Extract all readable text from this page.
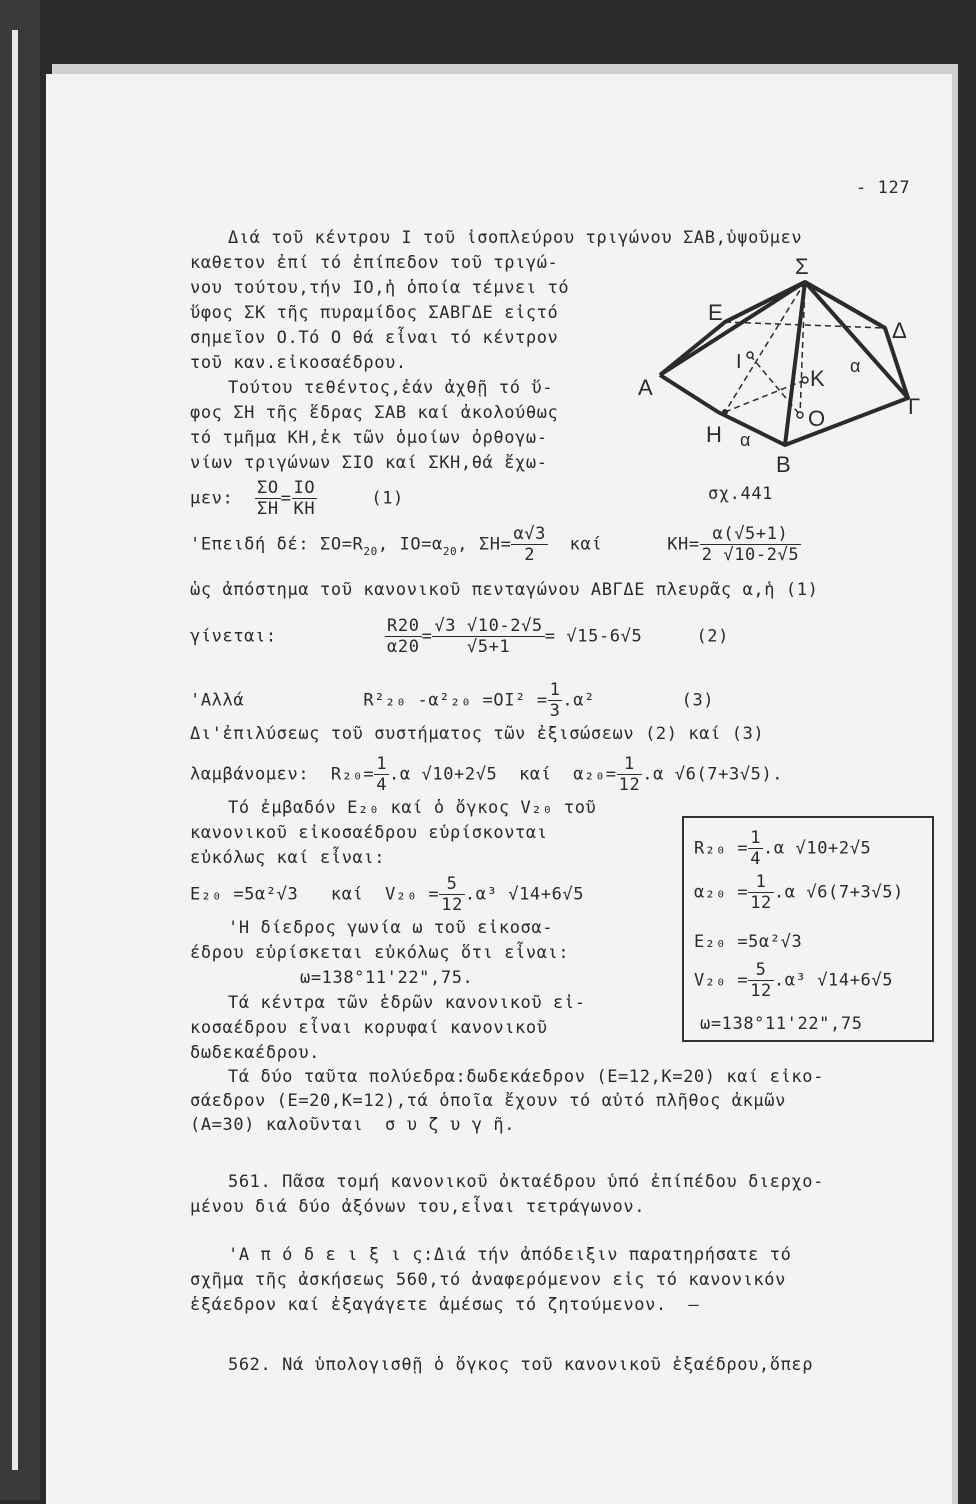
- 127
Σ
E
Δ
I
K α
A
O	Γ
H α
B
σχ.441
Διά τοῦ κέντρου I τοῦ ἰσοπλεύρου τριγώνου ΣΑΒ,ὑψοῦμεν
καθετον ἐπί τό ἐπίπεδον τοῦ τριγώ-
νου τούτου,τήν IO,ἡ ὁποία τέμνει τό
ὕφος ΣK τῆς πυραμίδος ΣΑΒΓΔΕ εἰςτό
σημεῖον O.Τό O θά εἶναι τό κέντρον
τοῦ καν.εἰκοσαέδρου.
Τούτου τεθέντος,ἐάν ἀχθῇ τό ὕ-
φος ΣH τῆς ἕδρας ΣΑΒ καί ἀκολούθως
τό τμῆμα KH,ἐκ τῶν ὁμοίων ὀρθογω-
νίων τριγώνων ΣIO καί ΣKH,θά ἔχω-
μεν: $\frac{\Sigma O}{\Sigma H} = \frac{IO}{KH}$	(1)
'Επειδή δέ: $\Sigma O=R_{20}$, $IO=\alpha_{20}$, $\Sigma H= \frac{\alpha√3}{2}$ καί	$KH= \frac{\alpha(√5+1)}{2 √10-2√5}$
ὡς ἀπόστημα τοῦ κανονικοῦ πενταγώνου ΑΒΓΔΕ πλευρᾶς α,ἡ (1)
γίνεται:	$\frac{R20}{\alpha 20} = \frac{√3 √10-2√5}{√5+1} = √15-6√5$	(2)
'Αλλά	R²₂₀ $-\alpha^2_{20} =OI^2 = \frac{1}{3} .\alpha^2$	(3)
Δι'ἐπιλύσεως τοῦ συστήματος τῶν ἐξισώσεων (2) καί (3)
λαμβάνομεν: $R_{20}= \frac{1}{4} .\alpha$ √10+2√5 καί $\alpha_{20}= \frac{1}{12} .\alpha$ √6(7+3√5).
Τό ἐμβαδόν E₂₀ καί ὁ ὄγκος V₂₀ τοῦ
κανονικοῦ εἰκοσαέδρου εὑρίσκονται
εὐκόλως καί εἶναι:
E₂₀ =5α²√3 καί $V_{20} = \frac{5}{12} .\alpha^3$ √14+6√5
'H δίεδρος γωνία ω τοῦ εἰκοσα-
έδρου εὑρίσκεται εὐκόλως ὅτι εἶναι:
ω=138°11'22",75.
Τά κέντρα τῶν ἑδρῶν κανονικοῦ εἰ-
κοσαέδρου εἶναι κορυφαί κανονικοῦ
δωδεκαέδρου.
Τά δύο ταῦτα πολύεδρα:δωδεκάεδρον (E=12,K=20) καί εἰκο-
σάεδρον (E=20,K=12),τά ὁποῖα ἔχουν τό αὐτό πλῆθος ἀκμῶν
(A=30) καλοῦνται  σ υ ζ υ γ ῆ.
561. Πᾶσα τομή κανονικοῦ ὀκταέδρου ὑπό ἐπίπέδου διερχο-
μένου διά δύο ἀξόνων του,εἶναι τετράγωνον.
'A π ό δ ε ι ξ ι ς:Διά τήν ἀπόδειξιν παρατηρήσατε τό
σχῆμα τῆς ἀσκήσεως 560,τό ἀναφερόμενον εἰς τό κανονικόν
ἑξάεδρον καί ἐξαγάγετε ἀμέσως τό ζητούμενον.  —
562. Νά ὑπολογισθῇ ὁ ὄγκος τοῦ κανονικοῦ ἑξαέδρου,ὅπερ
$R_{20} = \frac{1}{4} .\alpha$ √10+2√5
$\alpha_{20} = \frac{1}{12} .\alpha$ √6(7+3√5)
E₂₀ =5α²√3
$V_{20} = \frac{5}{12} .\alpha^3$ √14+6√5
ω=138°11'22",75
